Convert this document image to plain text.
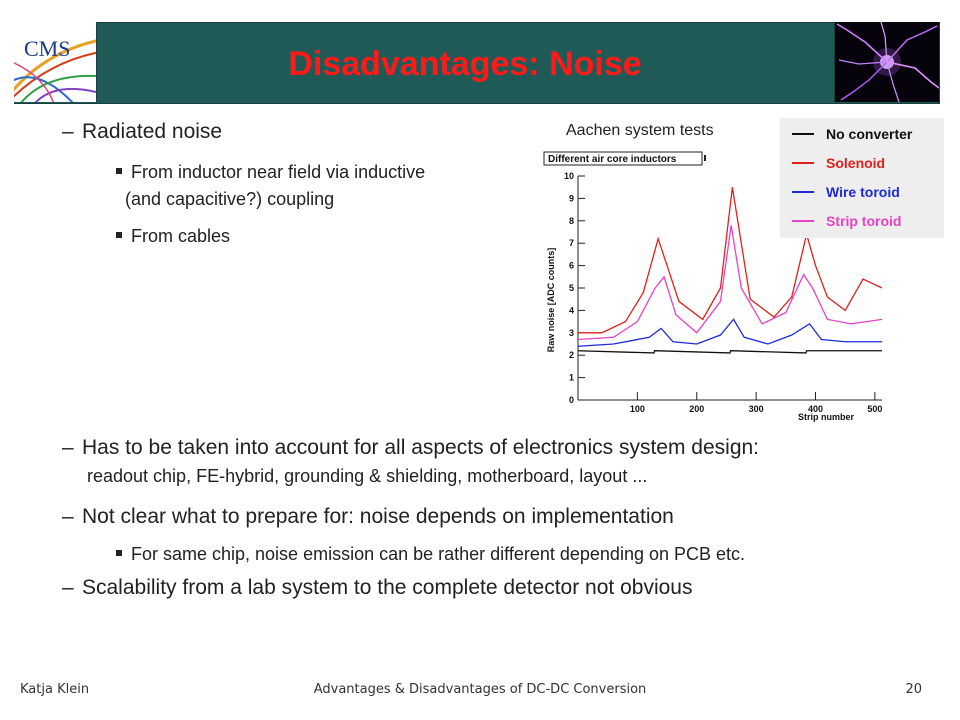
CMS	Disadvantages: Noise
– Radiated noise
From inductor near field via inductive
(and capacitive?) coupling
From cables
– Has to be taken into account for all aspects of electronics system design:
readout chip, FE-hybrid, grounding & shielding, motherboard, layout ...
– Not clear what to prepare for: noise depends on implementation
For same chip, noise emission can be rather different depending on PCB etc.
– Scalability from a lab system to the complete detector not obvious
Aachen system tests
Different air core inductors
0
1
2
3
4
5
6
7
8
9
10
100	200	300	400	500
Raw noise [ADC counts]
Strip number
No converter
Solenoid
Wire toroid
Strip toroid
Katja Klein	Advantages & Disadvantages of DC-DC Conversion	20
